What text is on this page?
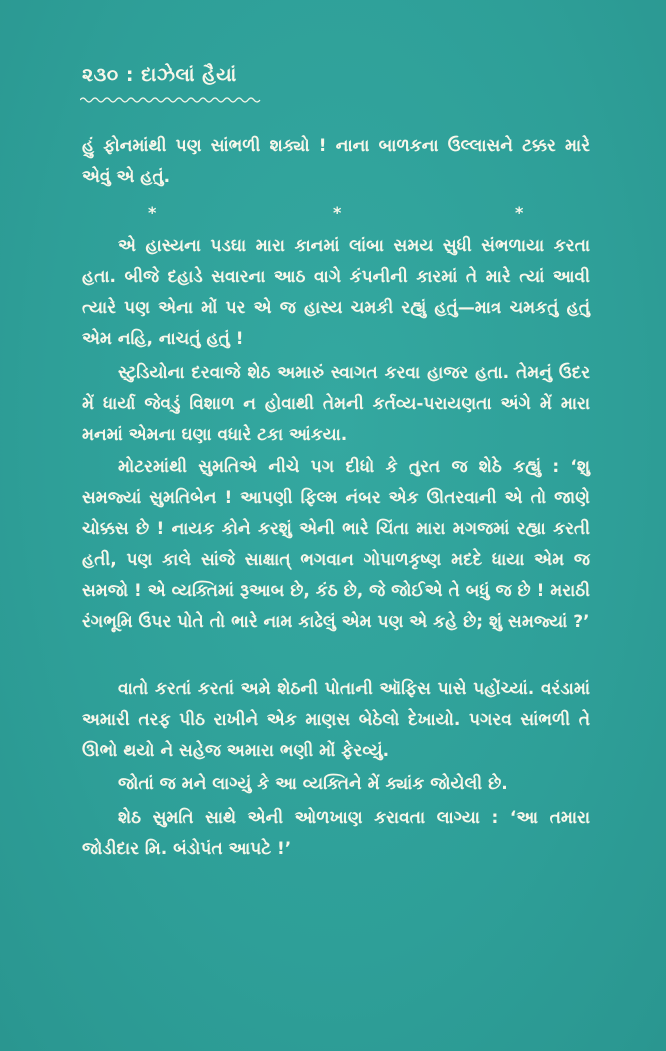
૨૩૦ : દાઝેલાં હૈયાં
હું ફોનમાંથી પણ સાંભળી શક્યો ! નાના બાળકના ઉલ્લાસને ટક્કર મારે એવું એ હતું.
*	*	*
એ હાસ્યના પડઘા મારા કાનમાં લાંબા સમય સુધી સંભળાયા કરતા હતા. બીજે દહાડે સવારના આઠ વાગે કંપનીની કારમાં તે મારે ત્યાં આવી ત્યારે પણ એના મોં પર એ જ હાસ્ય ચમકી રહ્યું હતું—માત્ર ચમકતું હતું એમ નહિ, નાચતું હતું !
સ્ટુડિયોના દરવાજે શેઠ અમારું સ્વાગત કરવા હાજર હતા. તેમનું ઉદર મેં ધાર્યા જેવડું વિશાળ ન હોવાથી તેમની કર્તવ્ય-પરાયણતા અંગે મેં મારા મનમાં એમના ઘણા વધારે ટકા આંકયા.
મોટરમાંથી સુમતિએ નીચે પગ દીધો કે તુરત જ શેઠે કહ્યું : ‘શુ સમજ્યાં સુમતિબેન ! આપણી ફિલ્મ નંબર એક ઊતરવાની એ તો જાણે ચોક્કસ છે ! નાયક કોને કરશું એની ભારે ચિંતા મારા મગજમાં રહ્યા કરતી હતી, પણ કાલે સાંજે સાક્ષાત્ ભગવાન ગોપાળકૃષ્ણ મદદે ધાયા એમ જ સમજો ! એ વ્યક્તિમાં રૂઆબ છે, કંઠ છે, જે જોઈએ તે બધું જ છે ! મરાઠી રંગભૂમિ ઉપર પોતે તો ભારે નામ કાઢેલું એમ પણ એ કહે છે; શું સમજ્યાં ?’
વાતો કરતાં કરતાં અમે શેઠની પોતાની ઑફિસ પાસે પહોંચ્યાં. વરંડામાં અમારી તરફ પીઠ રાખીને એક માણસ બેઠેલો દેખાયો. પગરવ સાંભળી તે ઊભો થયો ને સહેજ અમારા ભણી મોં ફેરવ્યું.
જોતાં જ મને લાગ્યું કે આ વ્યક્તિને મેં ક્યાંક જોયેલી છે.
શેઠ સુમતિ સાથે એની ઓળખાણ કરાવતા લાગ્યા : ‘આ તમારા જોડીદાર મિ. બંડોપંત આપટે !’
